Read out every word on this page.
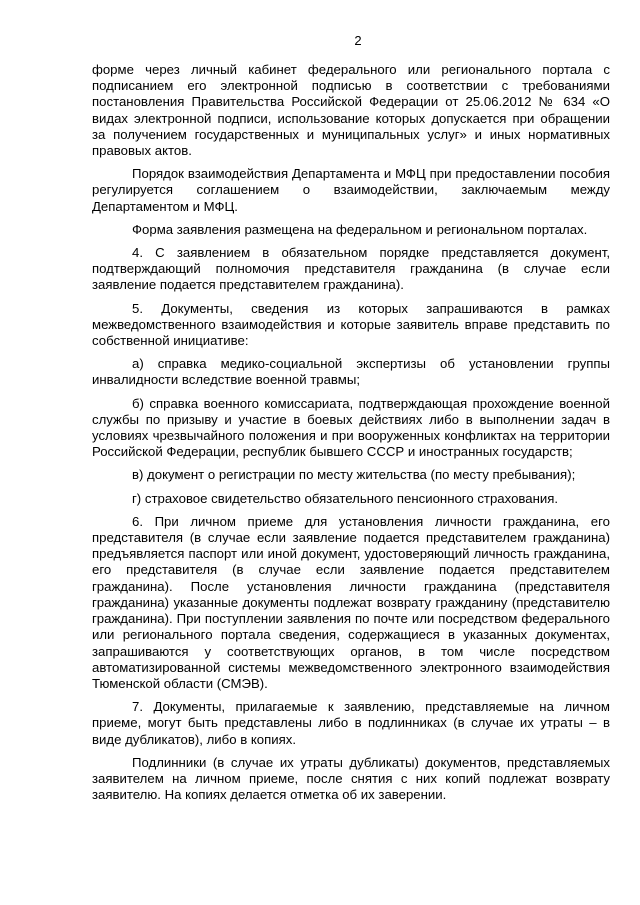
2

форме через личный кабинет федерального или регионального портала с подписанием его электронной подписью в соответствии с требованиями постановления Правительства Российской Федерации от 25.06.2012 № 634 «О видах электронной подписи, использование которых допускается при обращении за получением государственных и муниципальных услуг» и иных нормативных правовых актов.

Порядок взаимодействия Департамента и МФЦ при предоставлении пособия регулируется соглашением о взаимодействии, заключаемым между Департаментом и МФЦ.

Форма заявления размещена на федеральном и региональном порталах.

4. С заявлением в обязательном порядке представляется документ, подтверждающий полномочия представителя гражданина (в случае если заявление подается представителем гражданина).

5. Документы, сведения из которых запрашиваются в рамках межведомственного взаимодействия и которые заявитель вправе представить по собственной инициативе:

а) справка медико-социальной экспертизы об установлении группы инвалидности вследствие военной травмы;

б) справка военного комиссариата, подтверждающая прохождение военной службы по призыву и участие в боевых действиях либо в выполнении задач в условиях чрезвычайного положения и при вооруженных конфликтах на территории Российской Федерации, республик бывшего СССР и иностранных государств;

в) документ о регистрации по месту жительства (по месту пребывания);

г) страховое свидетельство обязательного пенсионного страхования.

6. При личном приеме для установления личности гражданина, его представителя (в случае если заявление подается представителем гражданина) предъявляется паспорт или иной документ, удостоверяющий личность гражданина, его представителя (в случае если заявление подается представителем гражданина). После установления личности гражданина (представителя гражданина) указанные документы подлежат возврату гражданину (представителю гражданина). При поступлении заявления по почте или посредством федерального или регионального портала сведения, содержащиеся в указанных документах, запрашиваются у соответствующих органов, в том числе посредством автоматизированной системы межведомственного электронного взаимодействия Тюменской области (СМЭВ).

7. Документы, прилагаемые к заявлению, представляемые на личном приеме, могут быть представлены либо в подлинниках (в случае их утраты – в виде дубликатов), либо в копиях.

Подлинники (в случае их утраты дубликаты) документов, представляемых заявителем на личном приеме, после снятия с них копий подлежат возврату заявителю. На копиях делается отметка об их заверении.
